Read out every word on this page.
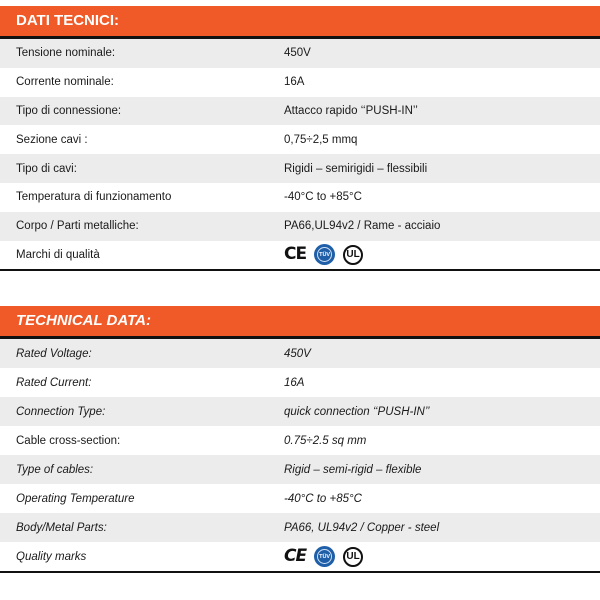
DATI TECNICI:
Tensione nominale:	450V
Corrente nominale:	16A
Tipo di connessione:	Attacco rapido ‘‘PUSH-IN’’
Sezione cavi :	0,75÷2,5 mmq
Tipo di cavi:	Rigidi – semirigidi – flessibili
Temperatura di funzionamento	-40°C to +85°C
Corpo / Parti metalliche:	PA66,UL94v2 / Rame - acciaio
Marchi di qualità	CE TÜV	UL
TECHNICAL DATA:
Rated Voltage:	450V
Rated Current:	16A
Connection Type:	quick connection ‘‘PUSH-IN’’
Cable cross-section:	0.75÷2.5 sq mm
Type of cables:	Rigid – semi-rigid – flexible
Operating Temperature	-40°C to +85°C
Body/Metal Parts:	PA66, UL94v2 / Copper - steel
Quality marks	CE TÜV	UL
